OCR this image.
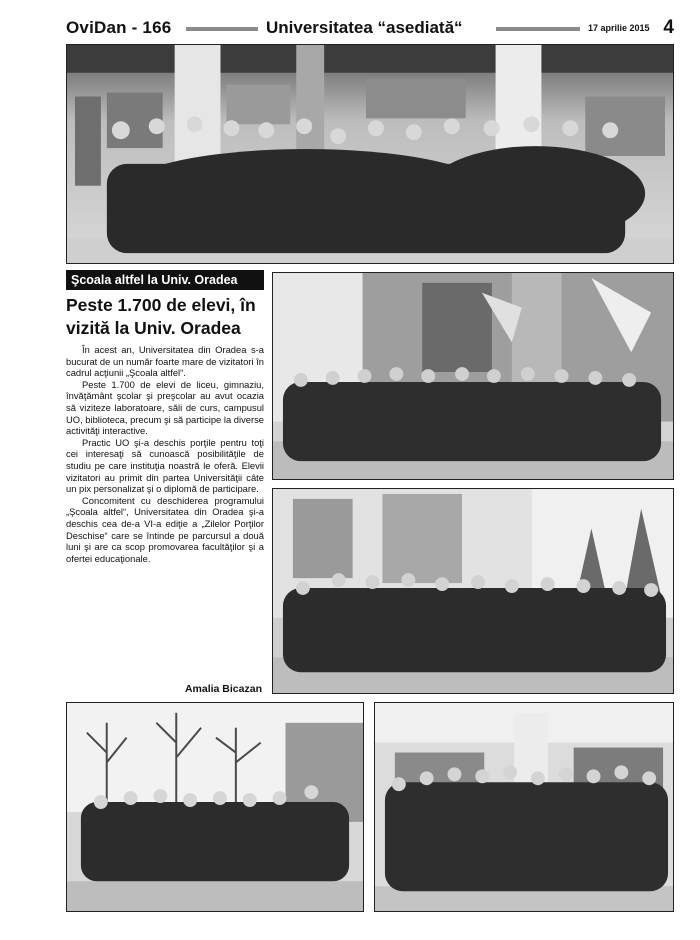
OviDan - 166	Universitatea “asediată“	17 aprilie 2015 4
Şcoala altfel la Univ. Oradea
Peste 1.700 de elevi, în vizită la Univ. Oradea

În acest an, Universitatea din Oradea s-a bucurat de un număr foarte mare de vizitatori în cadrul acţiunii „Şcoala altfel“.

Peste 1.700 de elevi de liceu, gimnaziu, învăţământ şcolar şi preşcolar au avut ocazia să viziteze laboratoare, săli de curs, campusul UO, biblioteca, precum şi să participe la diverse activităţi interactive.

Practic UO şi-a deschis porţile pentru toţi cei interesaţi să cunoască posibilităţile de studiu pe care instituţia noastră le oferă. Elevii vizitatori au primit din partea Universităţii câte un pix personalizat şi o diplomă de participare.

Concomitent cu deschiderea programului „Şcoala altfel“, Universitatea din Oradea şi-a deschis cea de-a VI-a ediţie a „Zilelor Porţilor Deschise“ care se întinde pe parcursul a două luni şi are ca scop promovarea facultăţilor şi a ofertei educaţionale.

Amalia Bicazan
